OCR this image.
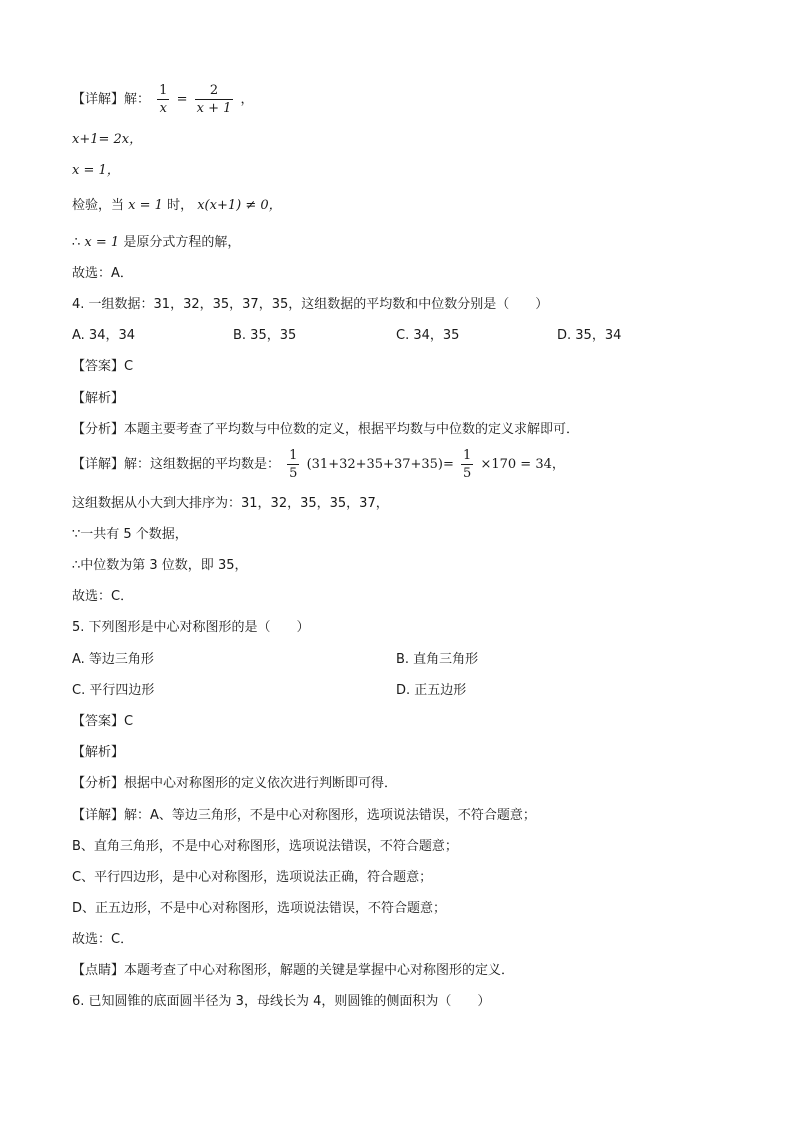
【详解】解： $\frac{1}{x} = \frac{2}{x + 1}$ ，
x+1= 2x，
x = 1，
检验，当 x = 1 时， x(x+1) ≠ 0，
∴ x = 1 是原分式方程的解，
故选：A．
4. 一组数据：31，32，35，37，35，这组数据的平均数和中位数分别是（　　）
A. 34，34	B. 35，35	C. 34，35	D. 35，34
【答案】C
【解析】
【分析】本题主要考查了平均数与中位数的定义，根据平均数与中位数的定义求解即可．
【详解】解：这组数据的平均数是： $\frac{1}{5} (31+32+35+37+35)= \frac{1}{5} \times 170 = 34$，
这组数据从小大到大排序为：31，32，35，35，37，
∵一共有 5 个数据，
∴中位数为第 3 位数，即 35，
故选：C．
5. 下列图形是中心对称图形的是（　　）
A. 等边三角形	B. 直角三角形
C. 平行四边形	D. 正五边形
【答案】C
【解析】
【分析】根据中心对称图形的定义依次进行判断即可得．
【详解】解：A、等边三角形，不是中心对称图形，选项说法错误，不符合题意；
B、直角三角形，不是中心对称图形，选项说法错误，不符合题意；
C、平行四边形，是中心对称图形，选项说法正确，符合题意；
D、正五边形，不是中心对称图形，选项说法错误，不符合题意；
故选：C．
【点睛】本题考查了中心对称图形，解题的关键是掌握中心对称图形的定义．
6. 已知圆锥的底面圆半径为 3，母线长为 4，则圆锥的侧面积为（　　）
